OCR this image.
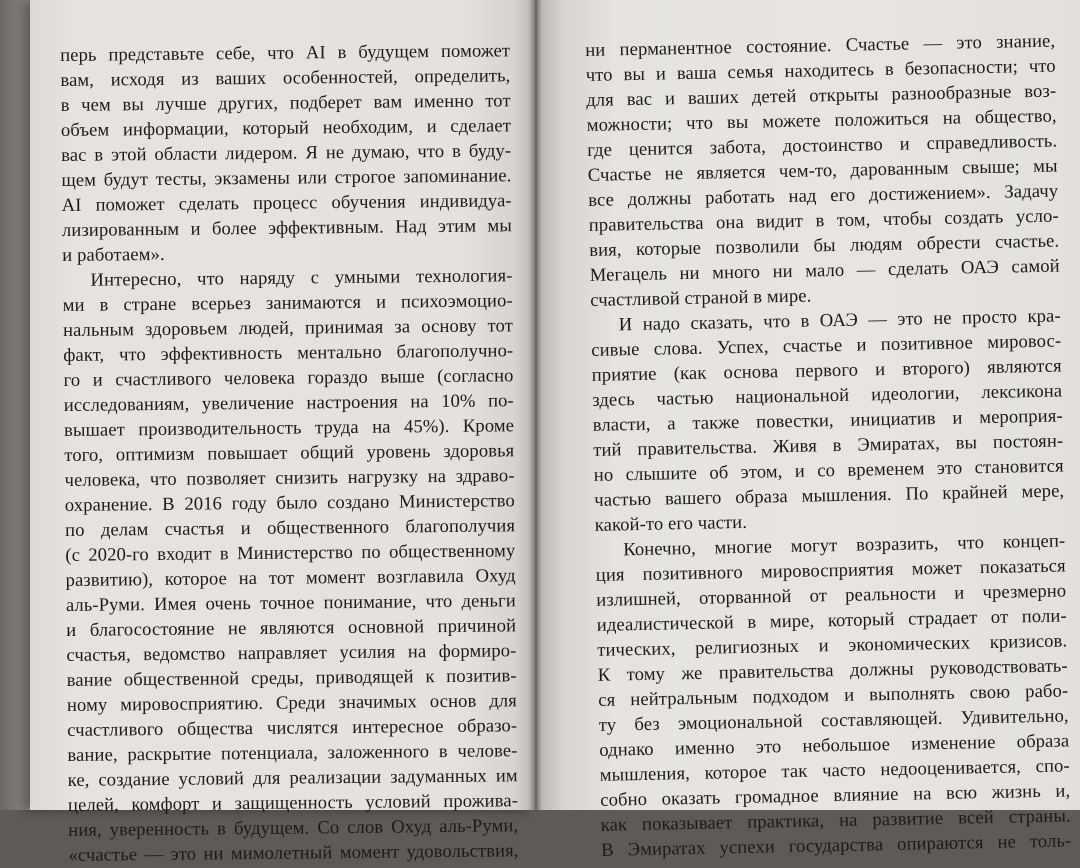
перь представьте себе, что AI в будущем поможет
вам, исходя из ваших особенностей, определить,
в чем вы лучше других, подберет вам именно тот
объем информации, который необходим, и сделает
вас в этой области лидером. Я не думаю, что в буду-
щем будут тесты, экзамены или строгое запоминание.
AI поможет сделать процесс обучения индивидуа-
лизированным и более эффективным. Над этим мы
и работаем».
Интересно, что наряду с умными технология-
ми в стране всерьез занимаются и психоэмоцио-
нальным здоровьем людей, принимая за основу тот
факт, что эффективность ментально благополучно-
го и счастливого человека гораздо выше (согласно
исследованиям, увеличение настроения на 10% по-
вышает производительность труда на 45%). Кроме
того, оптимизм повышает общий уровень здоровья
человека, что позволяет снизить нагрузку на здраво-
охранение. В 2016 году было создано Министерство
по делам счастья и общественного благополучия
(с 2020-го входит в Министерство по общественному
развитию), которое на тот момент возглавила Охуд
аль-Руми. Имея очень точное понимание, что деньги
и благосостояние не являются основной причиной
счастья, ведомство направляет усилия на формиро-
вание общественной среды, приводящей к позитив-
ному мировосприятию. Среди значимых основ для
счастливого общества числятся интересное образо-
вание, раскрытие потенциала, заложенного в челове-
ке, создание условий для реализации задуманных им
целей, комфорт и защищенность условий прожива-
ния, уверенность в будущем. Со слов Охуд аль-Руми,
«счастье — это ни мимолетный момент удовольствия,
ни перманентное состояние. Счастье — это знание,
что вы и ваша семья находитесь в безопасности; что
для вас и ваших детей открыты разнообразные воз-
можности; что вы можете положиться на общество,
где ценится забота, достоинство и справедливость.
Счастье не является чем-то, дарованным свыше; мы
все должны работать над его достижением». Задачу
правительства она видит в том, чтобы создать усло-
вия, которые позволили бы людям обрести счастье.
Мегацель ни много ни мало — сделать ОАЭ самой
счастливой страной в мире.
И надо сказать, что в ОАЭ — это не просто кра-
сивые слова. Успех, счастье и позитивное мировос-
приятие (как основа первого и второго) являются
здесь частью национальной идеологии, лексикона
власти, а также повестки, инициатив и мероприя-
тий правительства. Живя в Эмиратах, вы постоян-
но слышите об этом, и со временем это становится
частью вашего образа мышления. По крайней мере,
какой-то его части.
Конечно, многие могут возразить, что концеп-
ция позитивного мировосприятия может показаться
излишней, оторванной от реальности и чрезмерно
идеалистической в мире, который страдает от поли-
тических, религиозных и экономических кризисов.
К тому же правительства должны руководствовать-
ся нейтральным подходом и выполнять свою рабо-
ту без эмоциональной составляющей. Удивительно,
однако именно это небольшое изменение образа
мышления, которое так часто недооценивается, спо-
собно оказать громадное влияние на всю жизнь и,
как показывает практика, на развитие всей страны.
В Эмиратах успехи государства опираются не толь-
